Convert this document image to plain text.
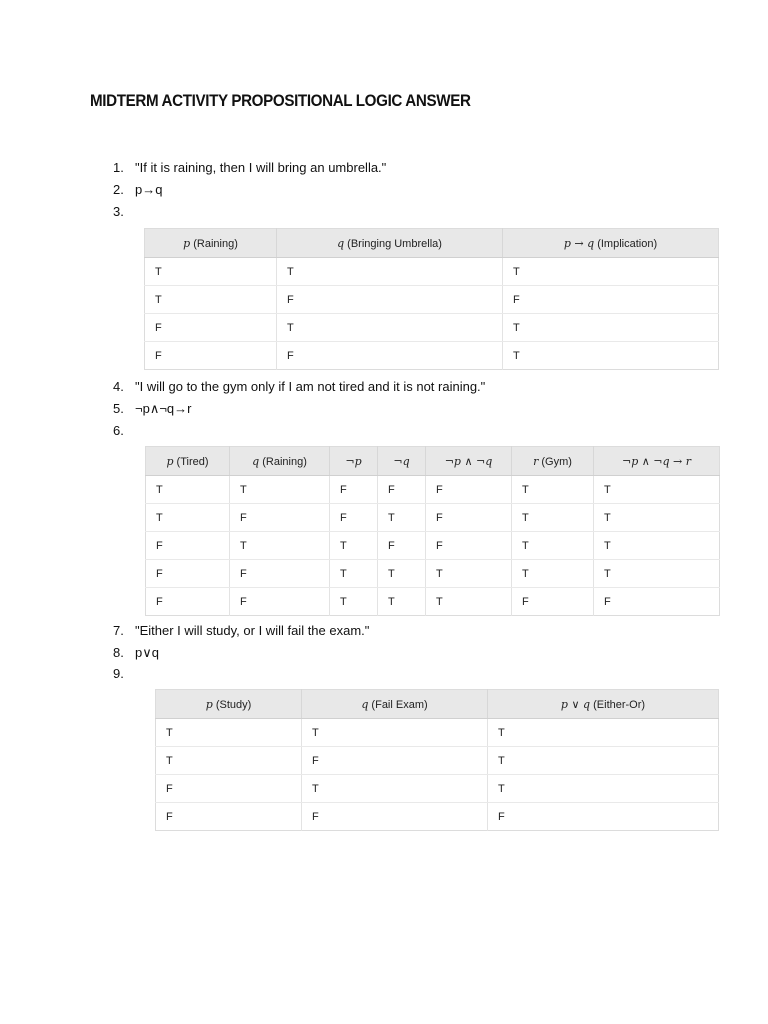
MIDTERM ACTIVITY PROPOSITIONAL LOGIC ANSWER
1. "If it is raining, then I will bring an umbrella."
2. p→q
3.
p (Raining)	q (Bringing Umbrella)	p → q (Implication)
T	T	T
T	F	F
F	T	T
F	F	T
4. "I will go to the gym only if I am not tired and it is not raining."
5. ¬p∧¬q→r
6.
p (Tired)	q (Raining)	¬p	¬q	¬p ∧ ¬q	r (Gym)	¬p ∧ ¬q → r
T	T	F	F	F	T	T
T	F	F	T	F	T	T
F	T	T	F	F	T	T
F	F	T	T	T	T	T
F	F	T	T	T	F	F
7. "Either I will study, or I will fail the exam."
8. p∨q
9.
p (Study)	q (Fail Exam)	p ∨ q (Either-Or)
T	T	T
T	F	T
F	T	T
F	F	F
